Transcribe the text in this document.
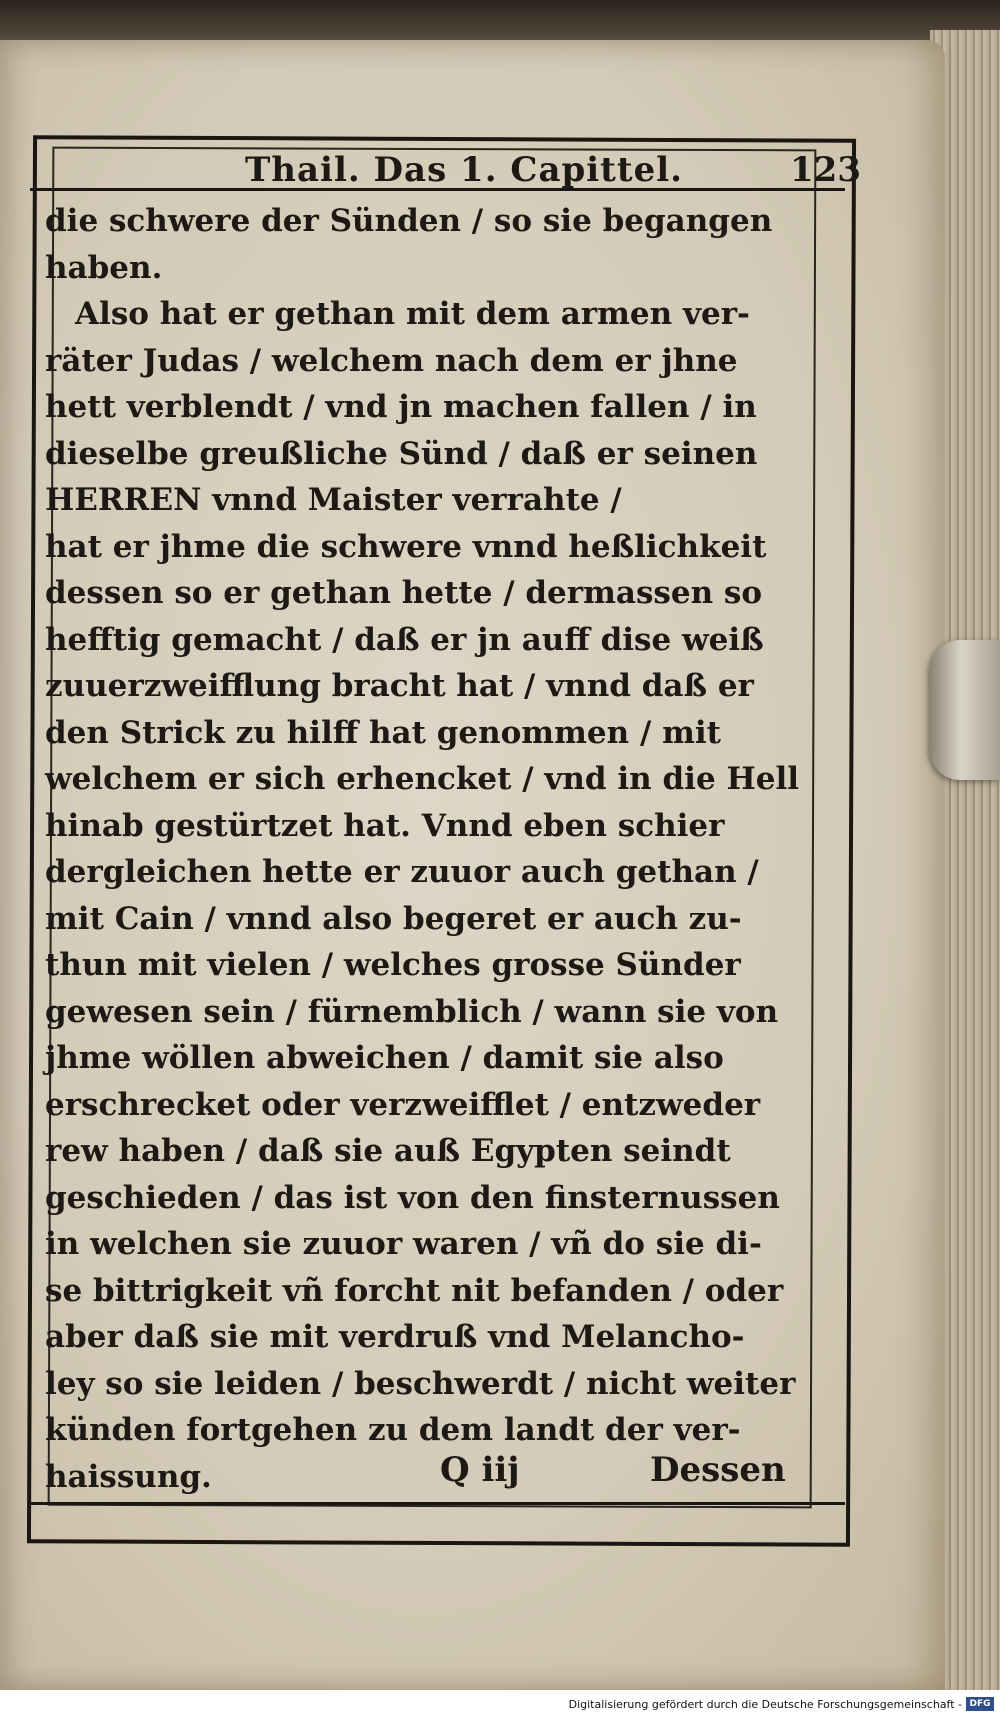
Thail. Das 1. Capittel.	123
die schwere der Sünden / so sie begangen
haben.
Also hat er gethan mit dem armen ver-
räter Judas / welchem nach dem er jhne
hett verblendt / vnd jn machen fallen / in
dieselbe greußliche Sünd / daß er seinen
HERREN vnnd Maister verrahte /
hat er jhme die schwere vnnd heßlichkeit
dessen so er gethan hette / dermassen so
hefftig gemacht / daß er jn auff dise weiß
zuuerzweifflung bracht hat / vnnd daß er
den Strick zu hilff hat genommen / mit
welchem er sich erhencket / vnd in die Hell
hinab gestürtzet hat. Vnnd eben schier
dergleichen hette er zuuor auch gethan /
mit Cain / vnnd also begeret er auch zu-
thun mit vielen / welches grosse Sünder
gewesen sein / fürnemblich / wann sie von
jhme wöllen abweichen / damit sie also
erschrecket oder verzweifflet / entzweder
rew haben / daß sie auß Egypten seindt
geschieden / das ist von den finsternussen
in welchen sie zuuor waren / vñ do sie di-
se bittrigkeit vñ forcht nit befanden / oder
aber daß sie mit verdruß vnd Melancho-
ley so sie leiden / beschwerdt / nicht weiter
künden fortgehen zu dem landt der ver-
haissung.	Q iij	Dessen
Digitalisierung gefördert durch die Deutsche Forschungsgemeinschaft - DFG
